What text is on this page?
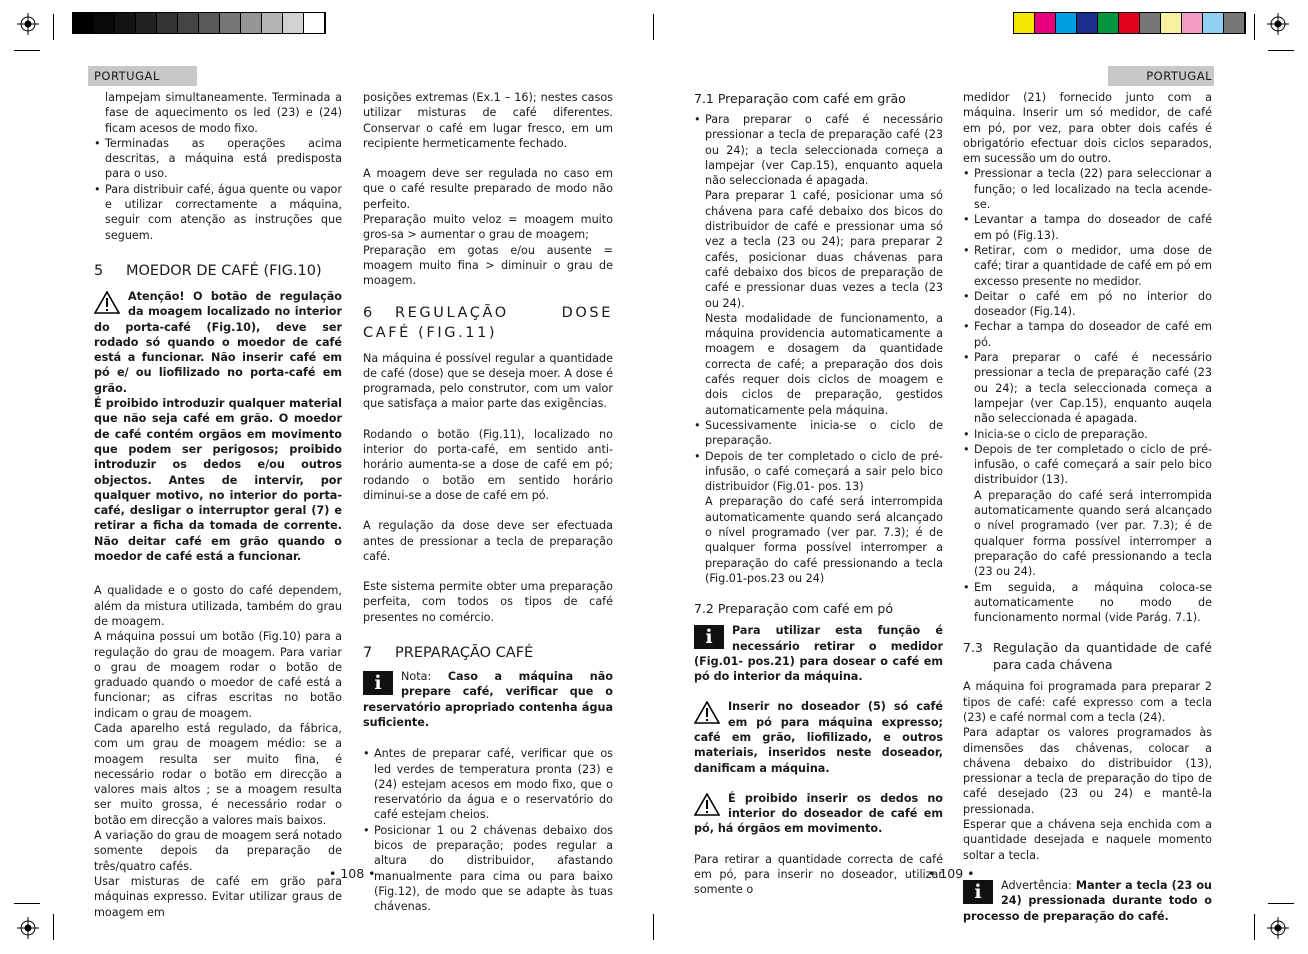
PORTUGAL	PORTUGAL

lampejam simultaneamente. Terminada a fase de aquecimento os led (23) e (24) ficam acesos de modo fixo.

• Terminadas as operações acima descritas, a máquina está predisposta para o uso.

• Para distribuir café, água quente ou vapor e utilizar correctamente a máquina, seguir com atenção as instruções que seguem.

5 MOEDOR DE CAFÉ (FIG.10)

Atenção! O botão de regulação da moagem localizado no interior do porta-café (Fig.10), deve ser rodado só quando o moedor de café está a funcionar. Não inserir café em pó e/ ou liofilizado no porta-café em grão.
É proibido introduzir qualquer material que não seja café em grão. O moedor de café contém orgãos em movimento que podem ser perigosos; proibido introduzir os dedos e/ou outros objectos. Antes de intervir, por qualquer motivo, no interior do porta-café, desligar o interruptor geral (7) e retirar a ficha da tomada de corrente. Não deitar café em grão quando o moedor de café está a funcionar.

A qualidade e o gosto do café dependem, além da mistura utilizada, também do grau de moagem.

A máquina possui um botão (Fig.10) para a regulação do grau de moagem. Para variar o grau de moagem rodar o botão de graduado quando o moedor de café está a funcionar; as cifras escritas no botão indicam o grau de moagem.

Cada aparelho está regulado, da fábrica, com um grau de moagem médio: se a moagem resulta ser muito fina, é necessário rodar o botão em direcção a valores mais altos ; se a moagem resulta ser muito grossa, é necessário rodar o botão em direcção a valores mais baixos.

A variação do grau de moagem será notado somente depois da preparação de três/quatro cafés.

Usar misturas de café em grão para máquinas expresso. Evitar utilizar graus de moagem em

• 108 •

posições extremas (Ex.1 – 16); nestes casos utilizar misturas de café diferentes. Conservar o café em lugar fresco, em um recipiente hermeticamente fechado.

A moagem deve ser regulada no caso em que o café resulte preparado de modo não perfeito.

Preparação muito veloz = moagem muito gros-sa > aumentar o grau de moagem;

Preparação em gotas e/ou ausente = moagem muito fina > diminuir o grau de moagem.

6 REGULAÇÃO DOSE CAFÉ (FIG.11)

Na máquina é possível regular a quantidade de café (dose) que se deseja moer. A dose é programada, pelo construtor, com um valor que satisfaça a maior parte das exigências.

Rodando o botão (Fig.11), localizado no interior do porta-café, em sentido anti-horário aumenta-se a dose de café em pó; rodando o botão em sentido horário diminui-se a dose de café em pó.

A regulação da dose deve ser efectuada antes de pressionar a tecla de preparação café.

Este sistema permite obter uma preparação perfeita, com todos os tipos de café presentes no comércio.

7 PREPARAÇÃO CAFÉ

i	Nota: Caso a máquina não prepare café, verificar que o reservatório apropriado contenha água suficiente.

• Antes de preparar café, verificar que os led verdes de temperatura pronta (23) e (24) estejam acesos em modo fixo, que o reservatório da água e o reservatório do café estejam cheios.

• Posicionar 1 ou 2 chávenas debaixo dos bicos de preparação; podes regular a altura do distribuidor, afastando manualmente para cima ou para baixo (Fig.12), de modo que se adapte às tuas chávenas.

7.1 Preparação com café em grão

• Para preparar o café é necessário pressionar a tecla de preparação café (23 ou 24); a tecla seleccionada começa a lampejar (ver Cap.15), enquanto aquela não seleccionada é apagada.

Para preparar 1 café, posicionar uma só chávena para café debaixo dos bicos do distribuidor de café e pressionar uma só vez a tecla (23 ou 24); para preparar 2 cafés, posicionar duas chávenas para café debaixo dos bicos de preparação de café e pressionar duas vezes a tecla (23 ou 24).

Nesta modalidade de funcionamento, a máquina providencia automaticamente a moagem e dosagem da quantidade correcta de café; a preparação dos dois cafés requer dois ciclos de moagem e dois ciclos de preparação, gestidos automaticamente pela máquina.

• Sucessivamente inicia-se o ciclo de preparação.

• Depois de ter completado o ciclo de pré-infusão, o café começará a sair pelo bico distribuidor (Fig.01- pos. 13)

A preparação do café será interrompida automaticamente quando será alcançado o nível programado (ver par. 7.3); é de qualquer forma possível interromper a preparação do café pressionando a tecla (Fig.01-pos.23 ou 24)

7.2 Preparação com café em pó

i	Para utilizar esta função é necessário retirar o medidor (Fig.01- pos.21) para dosear o café em pó do interior da máquina.
Inserir no doseador (5) só café em pó para máquina expresso; café em grão, liofilizado, e outros materiais, inseridos neste doseador, danificam a máquina.
É proibido inserir os dedos no interior do doseador de café em pó, há órgãos em movimento.

Para retirar a quantidade correcta de café em pó, para inserir no doseador, utilizar somente o

medidor (21) fornecido junto com a máquina. Inserir um só medidor, de café em pó, por vez, para obter dois cafés é obrigatório efectuar dois ciclos separados, em sucessão um do outro.

• Pressionar a tecla (22) para seleccionar a função; o led localizado na tecla acende-se.

• Levantar a tampa do doseador de café em pó (Fig.13).

• Retirar, com o medidor, uma dose de café; tirar a quantidade de café em pó em excesso presente no medidor.

• Deitar o café em pó no interior do doseador (Fig.14).

• Fechar a tampa do doseador de café em pó.

• Para preparar o café é necessário pressionar a tecla de preparação café (23 ou 24); a tecla seleccionada começa a lampejar (ver Cap.15), enquanto auqela não seleccionada é apagada.

• Inicia-se o ciclo de preparação.

• Depois de ter completado o ciclo de pré-infusão, o café começará a sair pelo bico distribuidor (13).

A preparação do café será interrompida automaticamente quando será alcançado o nível programado (ver par. 7.3); é de qualquer forma possível interromper a preparação do café pressionando a tecla (23 ou 24).

• Em seguida, a máquina coloca-se automaticamente no modo de funcionamento normal (vide Parág. 7.1).

7.3 Regulação da quantidade de café para cada chávena

A máquina foi programada para preparar 2 tipos de café: café expresso com a tecla (23) e café normal com a tecla (24).

Para adaptar os valores programados às dimensões das chávenas, colocar a chávena debaixo do distribuidor (13), pressionar a tecla de preparação do tipo de café desejado (23 ou 24) e mantê-la pressionada.

Esperar que a chávena seja enchida com a quantidade desejada e naquele momento soltar a tecla.

i	Advertência: Manter a tecla (23 ou 24) pressionada durante todo o processo de preparação do café.
• 109 •
